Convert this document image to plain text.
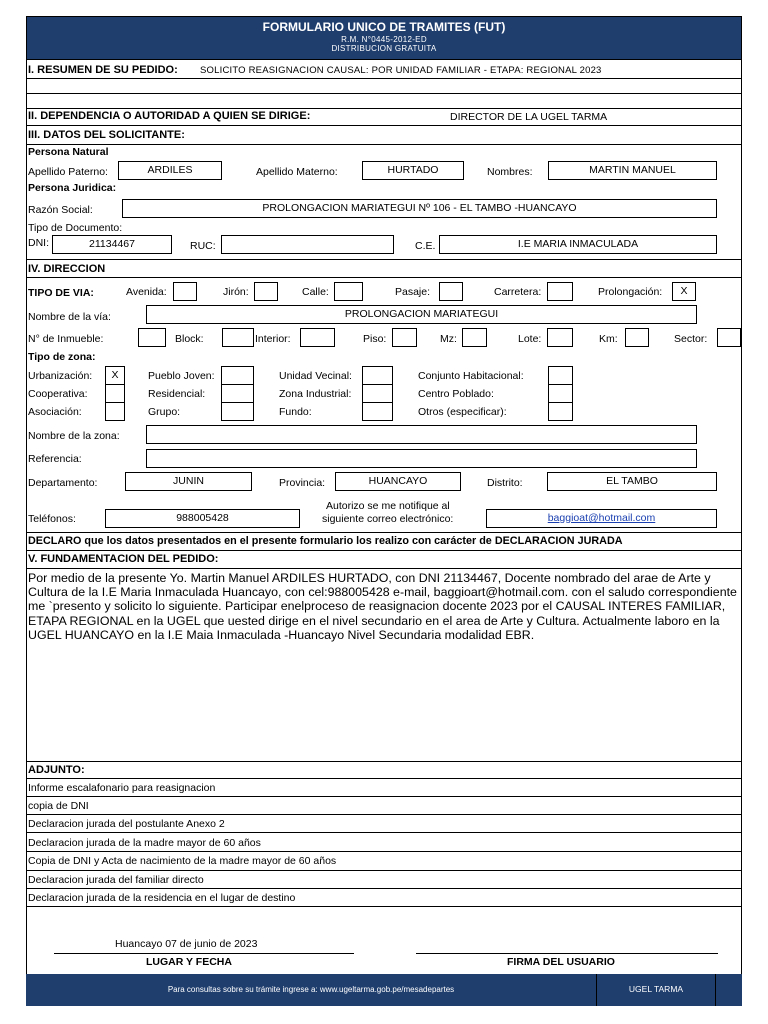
FORMULARIO UNICO DE TRAMITES (FUT)
R.M. N°0445-2012-ED
DISTRIBUCION GRATUITA
I. RESUMEN DE SU PEDIDO: SOLICITO REASIGNACION CAUSAL: POR UNIDAD FAMILIAR - ETAPA: REGIONAL 2023
II. DEPENDENCIA O AUTORIDAD A QUIEN SE DIRIGE:	DIRECTOR DE LA UGEL TARMA
III. DATOS DEL SOLICITANTE:
Persona Natural
Apellido Paterno:	ARDILES	Apellido Materno:	HURTADO	Nombres:	MARTIN MANUEL
Persona Juridica:
Razón Social:	PROLONGACION MARIATEGUI Nº 106 - EL TAMBO -HUANCAYO
Tipo de Documento:
DNI:	21134467	RUC:	C.E.	I.E MARIA INMACULADA
IV. DIRECCION
TIPO DE VIA:	Avenida:	Jirón:	Calle:	Pasaje:	Carretera:	Prolongación:	X
Nombre de la vía:	PROLONGACION MARIATEGUI
N° de Inmueble:	Block:	Interior:	Piso:	Mz:	Lote:	Km:	Sector:
Tipo de zona:
Urbanización:	X	Pueblo Joven:	Unidad Vecinal:	Conjunto Habitacional:
Cooperativa:	Residencial:	Zona Industrial:	Centro Poblado:
Asociación:	Grupo:	Fundo:	Otros (especificar):
Nombre de la zona:
Referencia:
Departamento:	JUNIN	Provincia:	HUANCAYO	Distrito:	EL TAMBO
Teléfonos:	988005428
Autorizo se me notifique al
siguiente correo electrónico:	baggioat@hotmail.com
DECLARO que los datos presentados en el presente formulario los realizo con carácter de DECLARACION JURADA
V. FUNDAMENTACION DEL PEDIDO:
Por medio de la presente Yo. Martin Manuel ARDILES HURTADO, con DNI 21134467, Docente nombrado del arae de Arte y Cultura de la I.E Maria Inmaculada Huancayo, con cel:988005428 e-mail, baggioart@hotmail.com. con el saludo correspondiente me `presento y solicito lo siguiente. Participar enelproceso de reasignacion docente 2023 por el CAUSAL INTERES FAMILIAR, ETAPA REGIONAL en la UGEL que uested dirige en el nivel secundario en el area de Arte y Cultura. Actualmente laboro en la UGEL HUANCAYO en la I.E Maia Inmaculada -Huancayo Nivel Secundaria modalidad EBR.
ADJUNTO:
Informe escalafonario para reasignacion
copia de DNI
Declaracion jurada del postulante Anexo 2
Declaracion jurada de la madre mayor de 60 años
Copia de DNI y Acta de nacimiento de la madre mayor de 60 años
Declaracion jurada del familiar directo
Declaracion jurada de la residencia en el lugar de destino
Huancayo 07 de junio de 2023
LUGAR Y FECHA	FIRMA DEL USUARIO
Para consultas sobre su trámite ingrese a: www.ugeltarma.gob.pe/mesadepartes	UGEL TARMA
